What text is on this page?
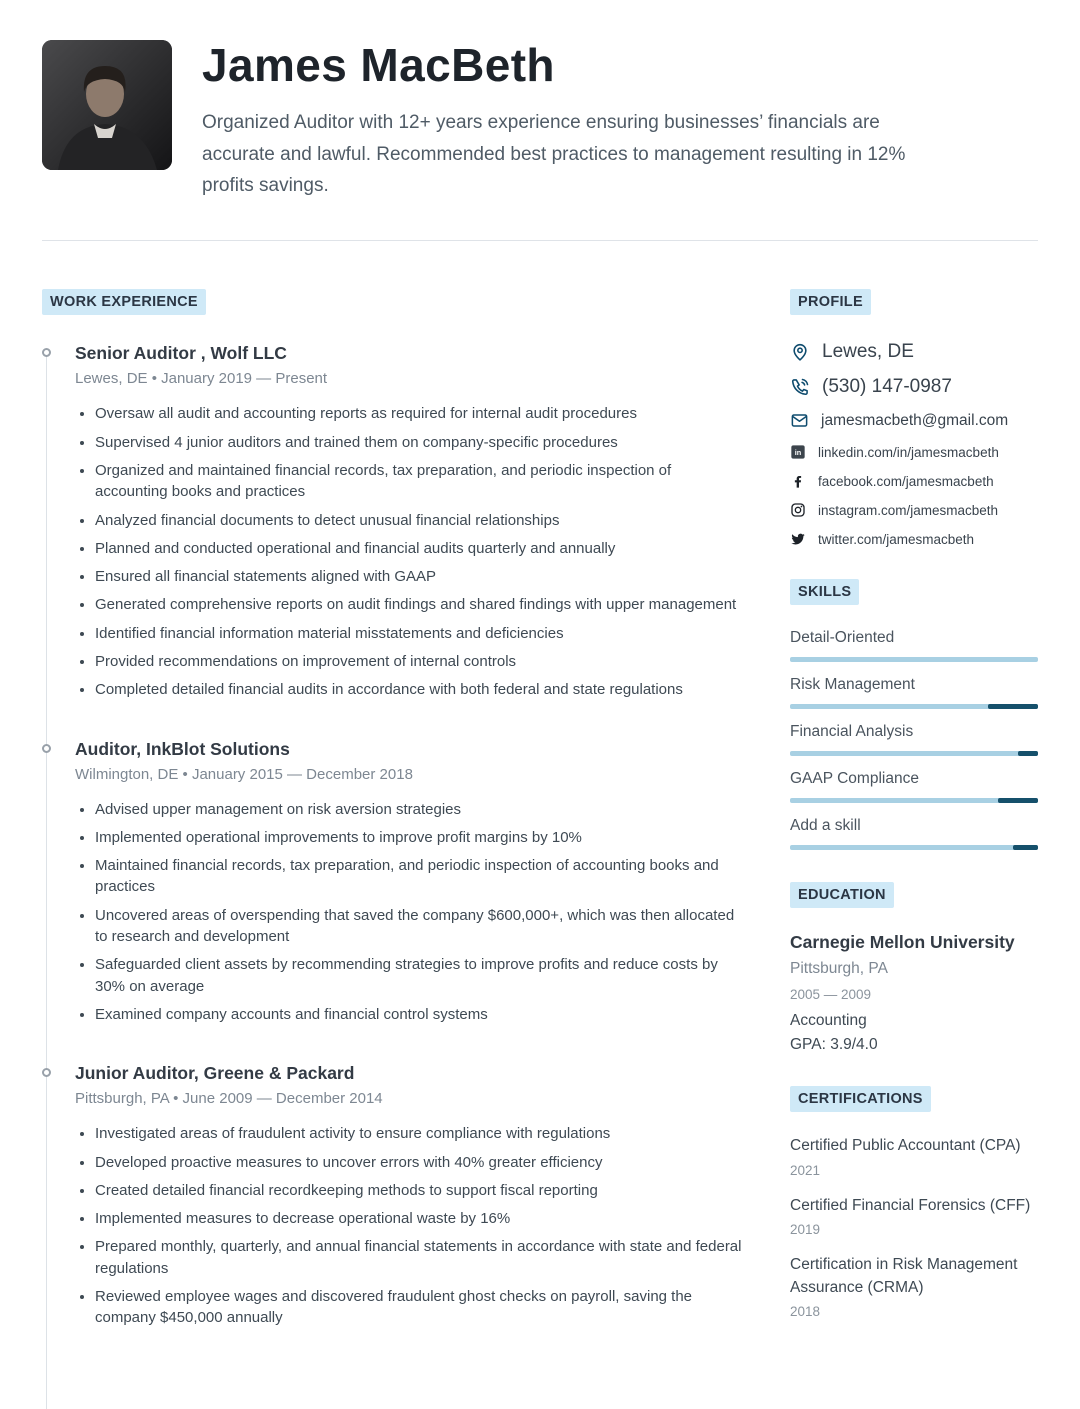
James MacBeth
Organized Auditor with 12+ years experience ensuring businesses’ financials are accurate and lawful. Recommended best practices to management resulting in 12% profits savings.
WORK EXPERIENCE
Senior Auditor , Wolf LLC
Lewes, DE • January 2019 — Present
• Oversaw all audit and accounting reports as required for internal audit procedures
• Supervised 4 junior auditors and trained them on company-specific procedures
• Organized and maintained financial records, tax preparation, and periodic inspection of accounting books and practices
• Analyzed financial documents to detect unusual financial relationships
• Planned and conducted operational and financial audits quarterly and annually
• Ensured all financial statements aligned with GAAP
• Generated comprehensive reports on audit findings and shared findings with upper management
• Identified financial information material misstatements and deficiencies
• Provided recommendations on improvement of internal controls
• Completed detailed financial audits in accordance with both federal and state regulations
Auditor, InkBlot Solutions
Wilmington, DE • January 2015 — December 2018
• Advised upper management on risk aversion strategies
• Implemented operational improvements to improve profit margins by 10%
• Maintained financial records, tax preparation, and periodic inspection of accounting books and practices
• Uncovered areas of overspending that saved the company $600,000+, which was then allocated to research and development
• Safeguarded client assets by recommending strategies to improve profits and reduce costs by 30% on average
• Examined company accounts and financial control systems
Junior Auditor, Greene & Packard
Pittsburgh, PA • June 2009 — December 2014
• Investigated areas of fraudulent activity to ensure compliance with regulations
• Developed proactive measures to uncover errors with 40% greater efficiency
• Created detailed financial recordkeeping methods to support fiscal reporting
• Implemented measures to decrease operational waste by 16%
• Prepared monthly, quarterly, and annual financial statements in accordance with state and federal regulations
• Reviewed employee wages and discovered fraudulent ghost checks on payroll, saving the company $450,000 annually
PROFILE
Lewes, DE
(530) 147-0987
jamesmacbeth@gmail.com
in linkedin.com/in/jamesmacbeth
facebook.com/jamesmacbeth
instagram.com/jamesmacbeth
twitter.com/jamesmacbeth
SKILLS
Detail-Oriented
Risk Management
Financial Analysis
GAAP Compliance
Add a skill
EDUCATION
Carnegie Mellon University
Pittsburgh, PA
2005 — 2009
Accounting
GPA: 3.9/4.0
CERTIFICATIONS
Certified Public Accountant (CPA)
2021
Certified Financial Forensics (CFF)
2019
Certification in Risk Management Assurance (CRMA)
2018
